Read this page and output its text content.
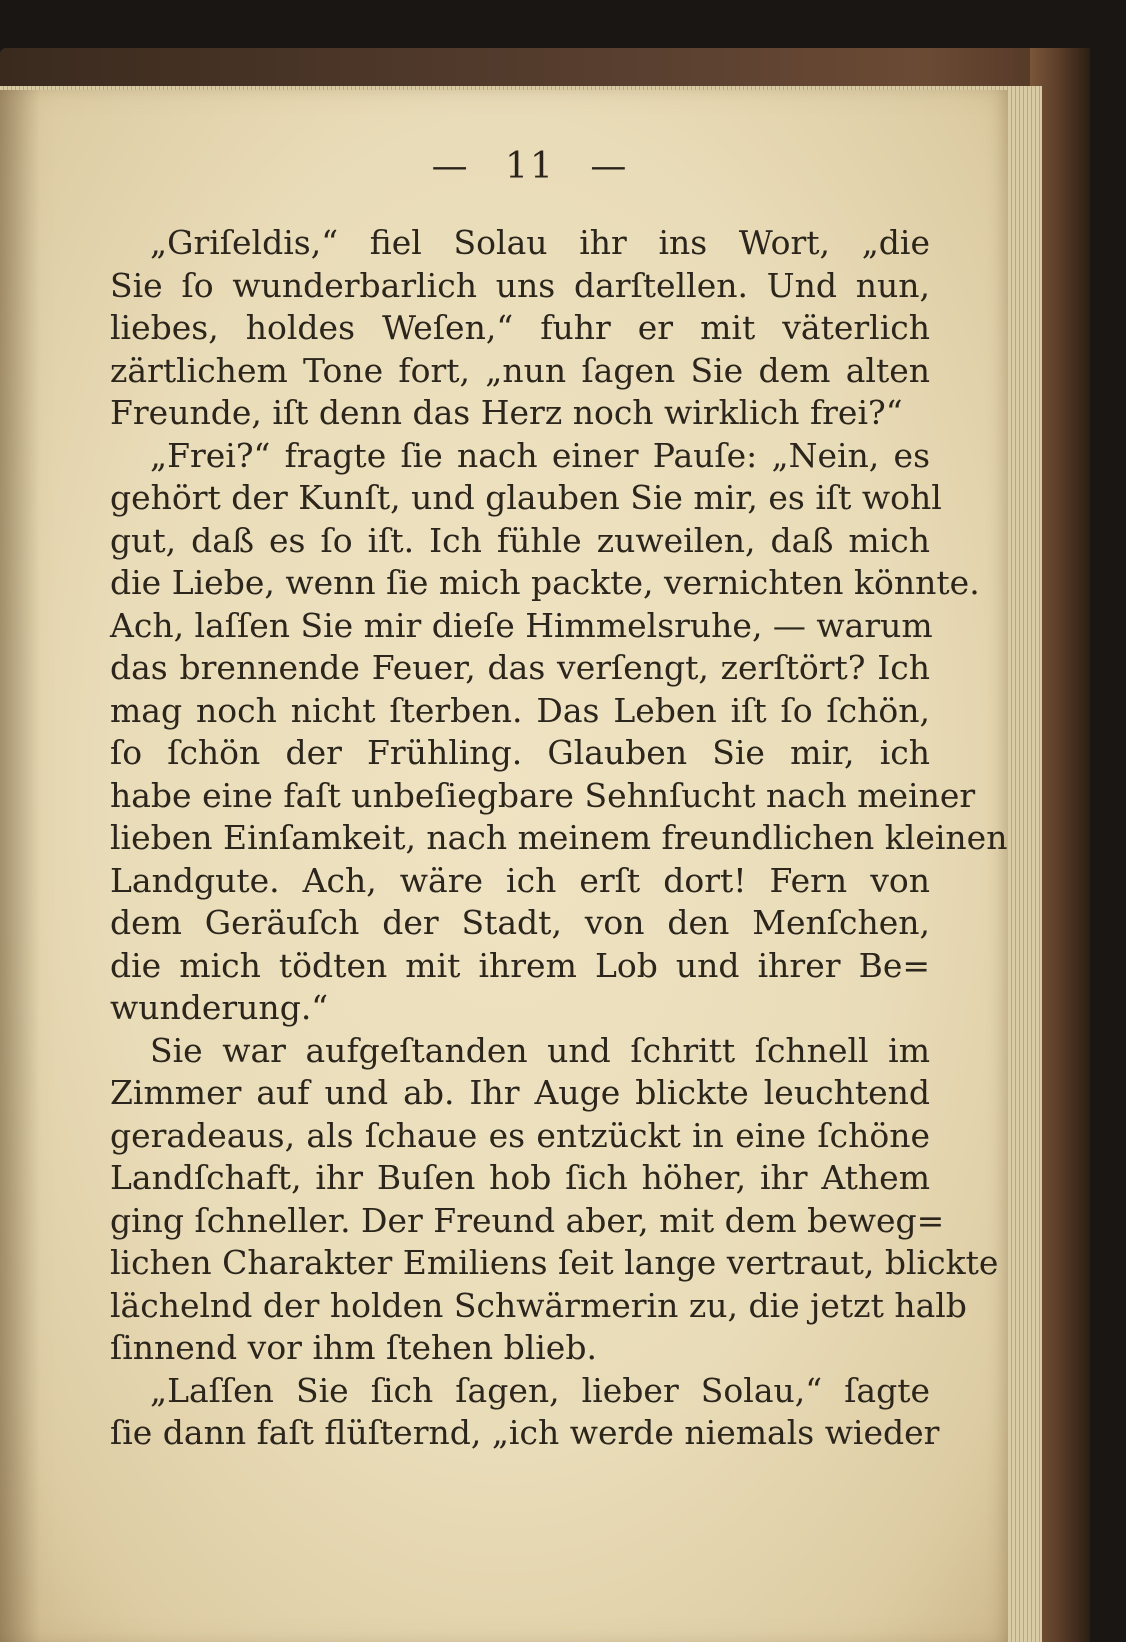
— 11 —
„Griſeldis,“ fiel Solau ihr ins Wort, „die
Sie ſo wunderbarlich uns darſtellen. Und nun,
liebes, holdes Weſen,“ fuhr er mit väterlich
zärtlichem Tone fort, „nun ſagen Sie dem alten
Freunde, iſt denn das Herz noch wirklich frei?“
„Frei?“ fragte ſie nach einer Pauſe: „Nein, es
gehört der Kunſt, und glauben Sie mir, es iſt wohl
gut, daß es ſo iſt. Ich fühle zuweilen, daß mich
die Liebe, wenn ſie mich packte, vernichten könnte.
Ach, laſſen Sie mir dieſe Himmelsruhe, — warum
das brennende Feuer, das verſengt, zerſtört? Ich
mag noch nicht ſterben. Das Leben iſt ſo ſchön,
ſo ſchön der Frühling. Glauben Sie mir, ich
habe eine faſt unbeſiegbare Sehnſucht nach meiner
lieben Einſamkeit, nach meinem freundlichen kleinen
Landgute. Ach, wäre ich erſt dort! Fern von
dem Geräuſch der Stadt, von den Menſchen,
die mich tödten mit ihrem Lob und ihrer Be=
wunderung.“
Sie war aufgeſtanden und ſchritt ſchnell im
Zimmer auf und ab. Ihr Auge blickte leuchtend
geradeaus, als ſchaue es entzückt in eine ſchöne
Landſchaft, ihr Buſen hob ſich höher, ihr Athem
ging ſchneller. Der Freund aber, mit dem beweg=
lichen Charakter Emiliens ſeit lange vertraut, blickte
lächelnd der holden Schwärmerin zu, die jetzt halb
ſinnend vor ihm ſtehen blieb.
„Laſſen Sie ſich ſagen, lieber Solau,“ ſagte
ſie dann faſt flüſternd, „ich werde niemals wieder
